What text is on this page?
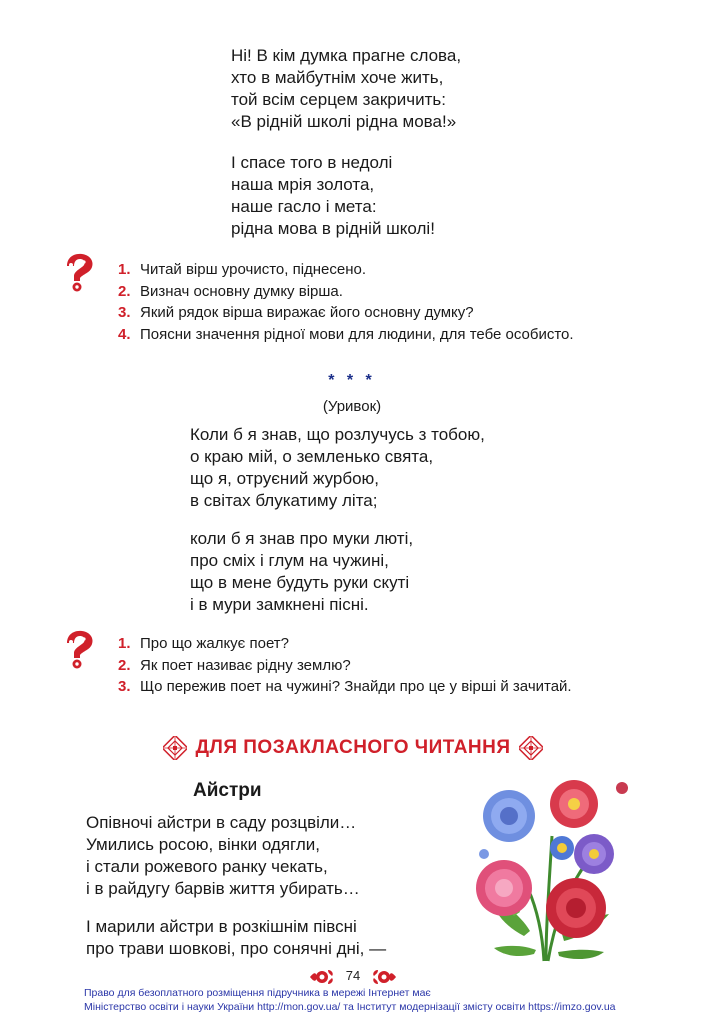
Ні! В кім думка прагне слова,
хто в майбутнім хоче жить,
той всім серцем закричить:
«В рідній школі рідна мова!»
І спасе того в недолі
наша мрія золота,
наше гасло і мета:
рідна мова в рідній школі!
1. Читай вірш урочисто, піднесено.
2. Визнач основну думку вірша.
3. Який рядок вірша виражає його основну думку?
4. Поясни значення рідної мови для людини, для тебе особисто.
* * *
(Уривок)
Коли б я знав, що розлучусь з тобою,
о краю мій, о земленько свята,
що я, отруєний журбою,
в світах блукатиму літа;
коли б я знав про муки люті,
про сміх і глум на чужині,
що в мене будуть руки скуті
і в мури замкнені пісні.
1. Про що жалкує поет?
2. Як поет називає рідну землю?
3. Що пережив поет на чужині? Знайди про це у вірші й зачитай.
ДЛЯ ПОЗАКЛАСНОГО ЧИТАННЯ
Айстри
Опівночі айстри в саду розцвіли…
Умились росою, вінки одягли,
і стали рожевого ранку чекать,
і в райдугу барвів життя убирать…
І марили айстри в розкішнім півсні
про трави шовкові, про сонячні дні, —
74
Право для безоплатного розміщення підручника в мережі Інтернет має
Міністерство освіти і науки України http://mon.gov.ua/ та Інститут модернізації змісту освіти https://imzo.gov.ua
